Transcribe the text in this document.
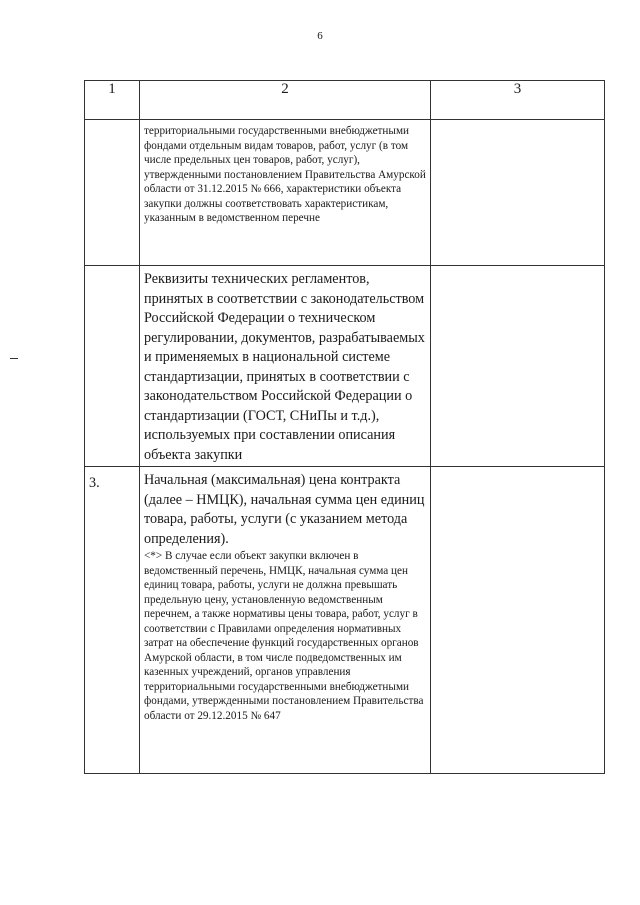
6
1	2	3

	территориальными государственными внебюджетными фондами отдельным видам товаров, работ, услуг (в том числе предельных цен товаров, работ, услуг), утвержденными постановлением Правительства Амурской области от 31.12.2015 № 666, характеристики объекта закупки должны соответствовать характеристикам, указанным в ведомственном перечне	

	Реквизиты технических регламентов, принятых в соответствии с законодательством Российской Федерации о техническом регулировании, документов, разрабатываемых и применяемых в национальной системе стандартизации, принятых в соответствии с законодательством Российской Федерации о стандартизации (ГОСТ, СНиПы и т.д.), используемых при составлении описания объекта закупки	

3.	Начальная (максимальная) цена контракта (далее – НМЦК), начальная сумма цен единиц товара, работы, услуги (с указанием метода определения).
<*> В случае если объект закупки включен в ведомственный перечень, НМЦК, начальная сумма цен единиц товара, работы, услуги не должна превышать предельную цену, установленную ведомственным перечнем, а также нормативы цены товара, работ, услуг в соответствии с Правилами определения нормативных затрат на обеспечение функций государственных органов Амурской области, в том числе подведомственных им казенных учреждений, органов управления территориальными государственными внебюджетными фондами, утвержденными постановлением Правительства области от 29.12.2015 № 647	
